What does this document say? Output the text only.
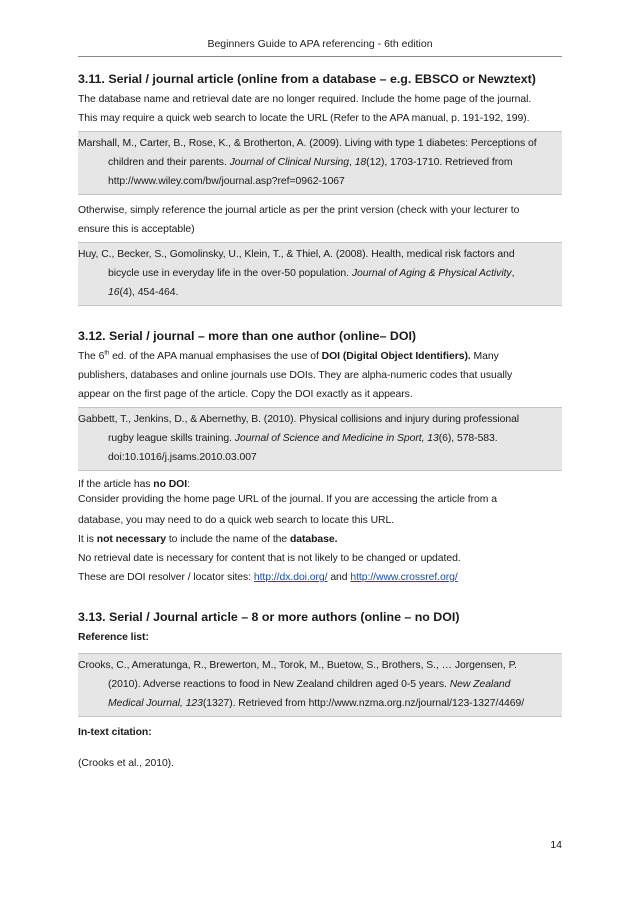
Beginners Guide to APA referencing - 6th edition
3.11. Serial / journal article (online from a database – e.g. EBSCO or Newztext)
The database name and retrieval date are no longer required. Include the home page of the journal.
This may require a quick web search to locate the URL (Refer to the APA manual, p. 191-192, 199).
Marshall, M., Carter, B., Rose, K., & Brotherton, A. (2009). Living with type 1 diabetes: Perceptions of
children and their parents. Journal of Clinical Nursing, 18(12), 1703-1710. Retrieved from
http://www.wiley.com/bw/journal.asp?ref=0962-1067
Otherwise, simply reference the journal article as per the print version (check with your lecturer to
ensure this is acceptable)
Huy, C., Becker, S., Gomolinsky, U., Klein, T., & Thiel, A. (2008). Health, medical risk factors and
bicycle use in everyday life in the over-50 population. Journal of Aging & Physical Activity,
16(4), 454-464.
3.12. Serial / journal – more than one author (online– DOI)
The 6th ed. of the APA manual emphasises the use of DOI (Digital Object Identifiers). Many
publishers, databases and online journals use DOIs. They are alpha-numeric codes that usually
appear on the first page of the article. Copy the DOI exactly as it appears.
Gabbett, T., Jenkins, D., & Abernethy, B. (2010). Physical collisions and injury during professional
rugby league skills training. Journal of Science and Medicine in Sport, 13(6), 578-583.
doi:10.1016/j.jsams.2010.03.007
If the article has no DOI:
Consider providing the home page URL of the journal. If you are accessing the article from a
database, you may need to do a quick web search to locate this URL.
It is not necessary to include the name of the database.
No retrieval date is necessary for content that is not likely to be changed or updated.
These are DOI resolver / locator sites: http://dx.doi.org/ and http://www.crossref.org/
3.13. Serial / Journal article – 8 or more authors (online – no DOI)
Reference list:
Crooks, C., Ameratunga, R., Brewerton, M., Torok, M., Buetow, S., Brothers, S., … Jorgensen, P.
(2010). Adverse reactions to food in New Zealand children aged 0-5 years. New Zealand
Medical Journal, 123(1327). Retrieved from http://www.nzma.org.nz/journal/123-1327/4469/
In-text citation:
(Crooks et al., 2010).
14
